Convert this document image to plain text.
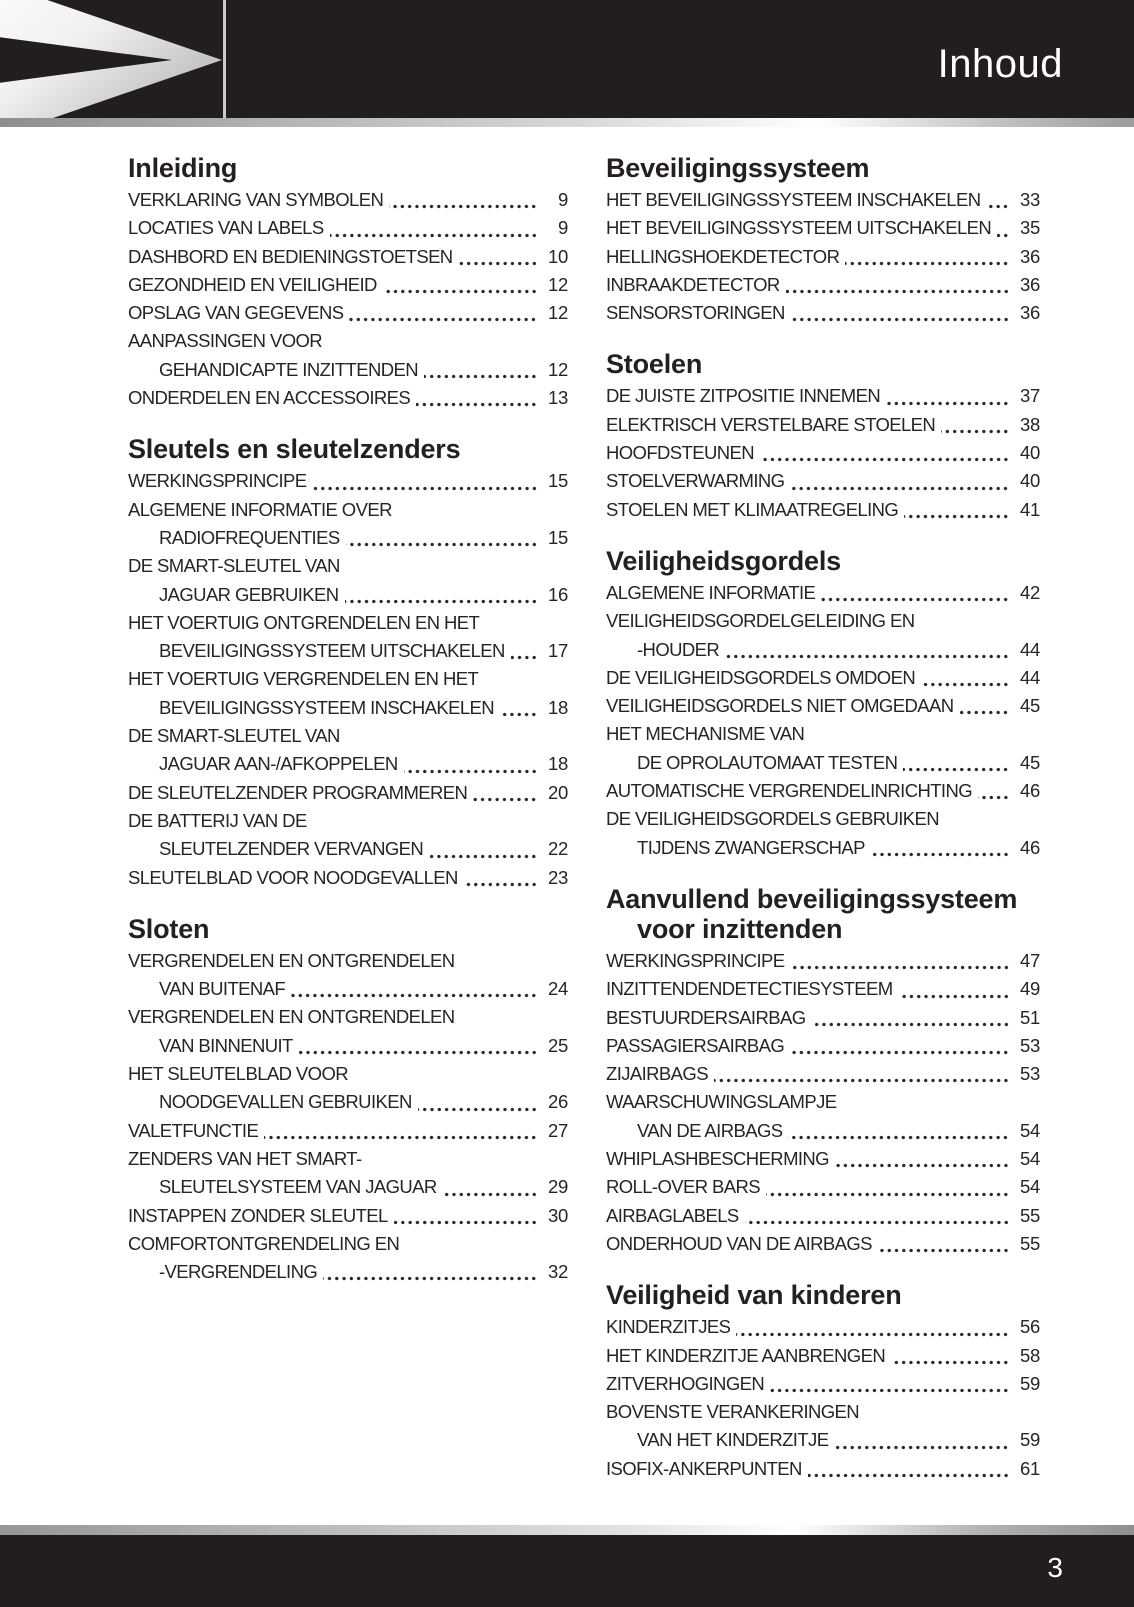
Inhoud
Inleiding
VERKLARING VAN SYMBOLEN	9
LOCATIES VAN LABELS	9
DASHBORD EN BEDIENINGSTOETSEN	10
GEZONDHEID EN VEILIGHEID	12
OPSLAG VAN GEGEVENS	12
AANPASSINGEN VOOR
GEHANDICAPTE INZITTENDEN	12
ONDERDELEN EN ACCESSOIRES	13
Sleutels en sleutelzenders
WERKINGSPRINCIPE	15
ALGEMENE INFORMATIE OVER
RADIOFREQUENTIES	15
DE SMART-SLEUTEL VAN
JAGUAR GEBRUIKEN	16
HET VOERTUIG ONTGRENDELEN EN HET
BEVEILIGINGSSYSTEEM UITSCHAKELEN	17
HET VOERTUIG VERGRENDELEN EN HET
BEVEILIGINGSSYSTEEM INSCHAKELEN	18
DE SMART-SLEUTEL VAN
JAGUAR AAN-/AFKOPPELEN	18
DE SLEUTELZENDER PROGRAMMEREN	20
DE BATTERIJ VAN DE
SLEUTELZENDER VERVANGEN	22
SLEUTELBLAD VOOR NOODGEVALLEN	23
Sloten
VERGRENDELEN EN ONTGRENDELEN
VAN BUITENAF	24
VERGRENDELEN EN ONTGRENDELEN
VAN BINNENUIT	25
HET SLEUTELBLAD VOOR
NOODGEVALLEN GEBRUIKEN	26
VALETFUNCTIE	27
ZENDERS VAN HET SMART-
SLEUTELSYSTEEM VAN JAGUAR	29
INSTAPPEN ZONDER SLEUTEL	30
COMFORTONTGRENDELING EN
-VERGRENDELING	32
Beveiligingssysteem
HET BEVEILIGINGSSYSTEEM INSCHAKELEN	33
HET BEVEILIGINGSSYSTEEM UITSCHAKELEN	35
HELLINGSHOEKDETECTOR	36
INBRAAKDETECTOR	36
SENSORSTORINGEN	36
Stoelen
DE JUISTE ZITPOSITIE INNEMEN	37
ELEKTRISCH VERSTELBARE STOELEN	38
HOOFDSTEUNEN	40
STOELVERWARMING	40
STOELEN MET KLIMAATREGELING	41
Veiligheidsgordels
ALGEMENE INFORMATIE	42
VEILIGHEIDSGORDELGELEIDING EN
-HOUDER	44
DE VEILIGHEIDSGORDELS OMDOEN	44
VEILIGHEIDSGORDELS NIET OMGEDAAN	45
HET MECHANISME VAN
DE OPROLAUTOMAAT TESTEN	45
AUTOMATISCHE VERGRENDELINRICHTING	46
DE VEILIGHEIDSGORDELS GEBRUIKEN
TIJDENS ZWANGERSCHAP	46
Aanvullend beveiligingssysteem
voor inzittenden
WERKINGSPRINCIPE	47
INZITTENDENDETECTIESYSTEEM	49
BESTUURDERSAIRBAG	51
PASSAGIERSAIRBAG	53
ZIJAIRBAGS	53
WAARSCHUWINGSLAMPJE
VAN DE AIRBAGS	54
WHIPLASHBESCHERMING	54
ROLL-OVER BARS	54
AIRBAGLABELS	55
ONDERHOUD VAN DE AIRBAGS	55
Veiligheid van kinderen
KINDERZITJES	56
HET KINDERZITJE AANBRENGEN	58
ZITVERHOGINGEN	59
BOVENSTE VERANKERINGEN
VAN HET KINDERZITJE	59
ISOFIX-ANKERPUNTEN	61
3
